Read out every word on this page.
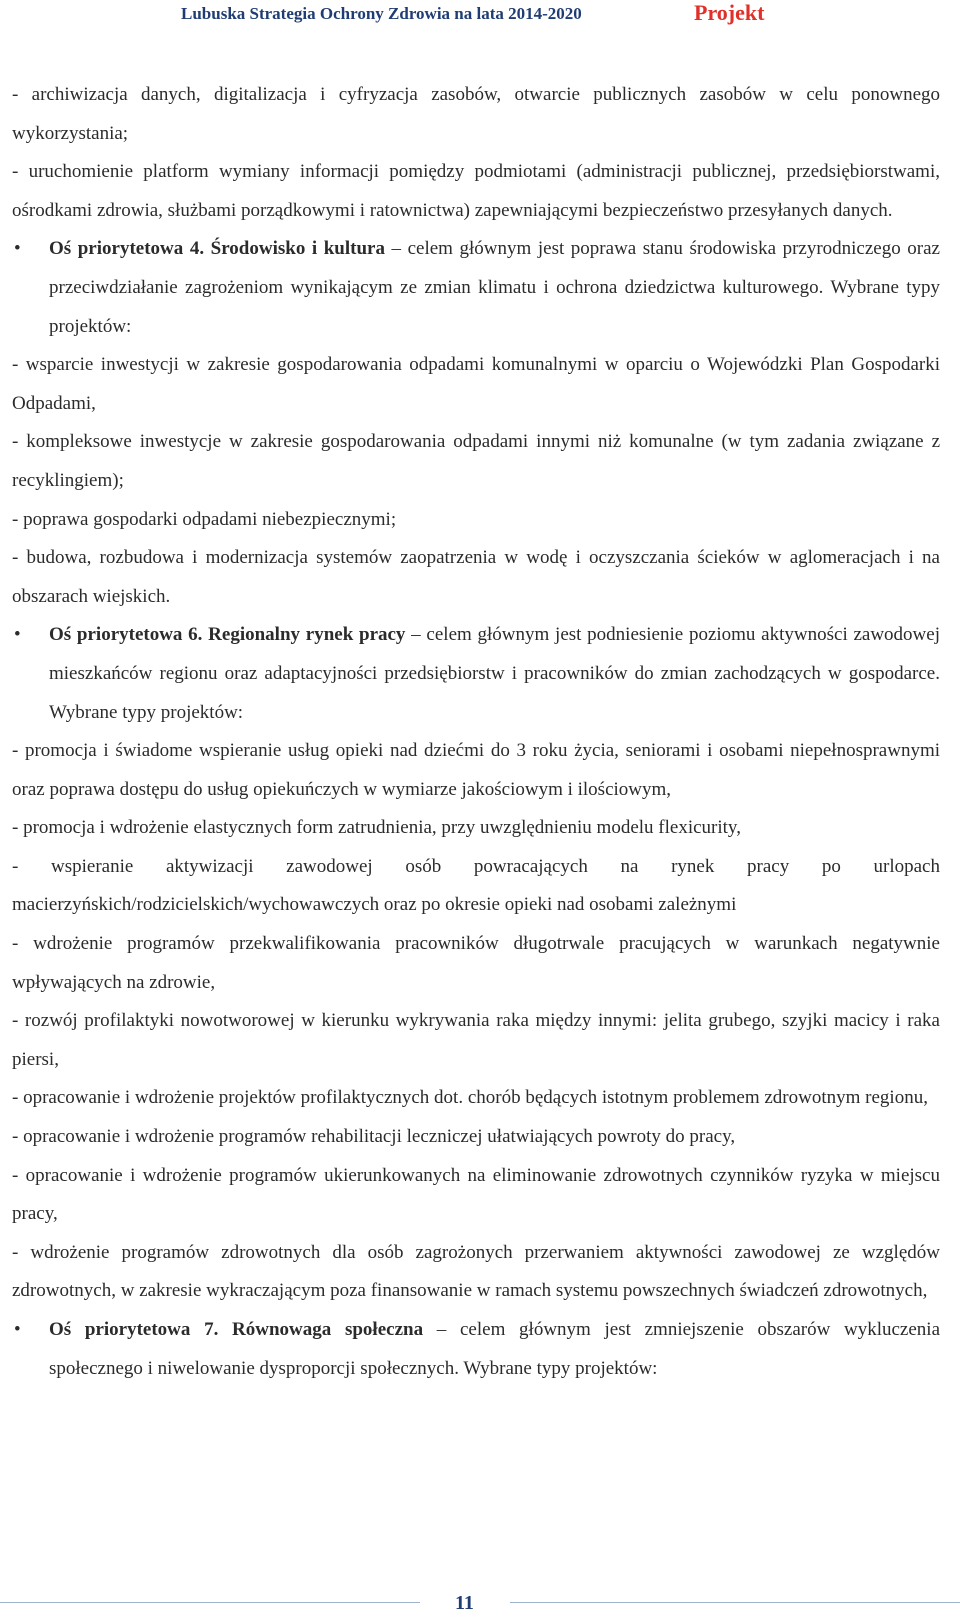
Lubuska Strategia Ochrony Zdrowia na lata 2014-2020	Projekt

- archiwizacja danych, digitalizacja i cyfryzacja zasobów, otwarcie publicznych zasobów w celu ponownego wykorzystania;

- uruchomienie platform wymiany informacji pomiędzy podmiotami (administracji publicznej, przedsiębiorstwami, ośrodkami zdrowia, służbami porządkowymi i ratownictwa) zapewniającymi bezpieczeństwo przesyłanych danych.

• Oś priorytetowa 4. Środowisko i kultura – celem głównym jest poprawa stanu środowiska przyrodniczego oraz przeciwdziałanie zagrożeniom wynikającym ze zmian klimatu i ochrona dziedzictwa kulturowego. Wybrane typy projektów:

- wsparcie inwestycji w zakresie gospodarowania odpadami komunalnymi w oparciu o Wojewódzki Plan Gospodarki Odpadami,

- kompleksowe inwestycje w zakresie gospodarowania odpadami innymi niż komunalne (w tym zadania związane z recyklingiem);

- poprawa gospodarki odpadami niebezpiecznymi;

- budowa, rozbudowa i modernizacja systemów zaopatrzenia w wodę i oczyszczania ścieków w aglomeracjach i na obszarach wiejskich.

• Oś priorytetowa 6. Regionalny rynek pracy – celem głównym jest podniesienie poziomu aktywności zawodowej mieszkańców regionu oraz adaptacyjności przedsiębiorstw i pracowników do zmian zachodzących w gospodarce. Wybrane typy projektów:

- promocja i świadome wspieranie usług opieki nad dziećmi do 3 roku życia, seniorami i osobami niepełnosprawnymi oraz poprawa dostępu do usług opiekuńczych w wymiarze jakościowym i ilościowym,

- promocja i wdrożenie elastycznych form zatrudnienia, przy uwzględnieniu modelu flexicurity,

- wspieranie aktywizacji zawodowej osób powracających na rynek pracy po urlopach macierzyńskich/rodzicielskich/wychowawczych oraz po okresie opieki nad osobami zależnymi

- wdrożenie programów przekwalifikowania pracowników długotrwale pracujących w warunkach negatywnie wpływających na zdrowie,

- rozwój profilaktyki nowotworowej w kierunku wykrywania raka między innymi: jelita grubego, szyjki macicy i raka piersi,

- opracowanie i wdrożenie projektów profilaktycznych dot. chorób będących istotnym problemem zdrowotnym regionu,

- opracowanie i wdrożenie programów rehabilitacji leczniczej ułatwiających powroty do pracy,

- opracowanie i wdrożenie programów ukierunkowanych na eliminowanie zdrowotnych czynników ryzyka w miejscu pracy,

- wdrożenie programów zdrowotnych dla osób zagrożonych przerwaniem aktywności zawodowej ze względów zdrowotnych, w zakresie wykraczającym poza finansowanie w ramach systemu powszechnych świadczeń zdrowotnych,

• Oś priorytetowa 7. Równowaga społeczna – celem głównym jest zmniejszenie obszarów wykluczenia społecznego i niwelowanie dysproporcji społecznych. Wybrane typy projektów:

11
